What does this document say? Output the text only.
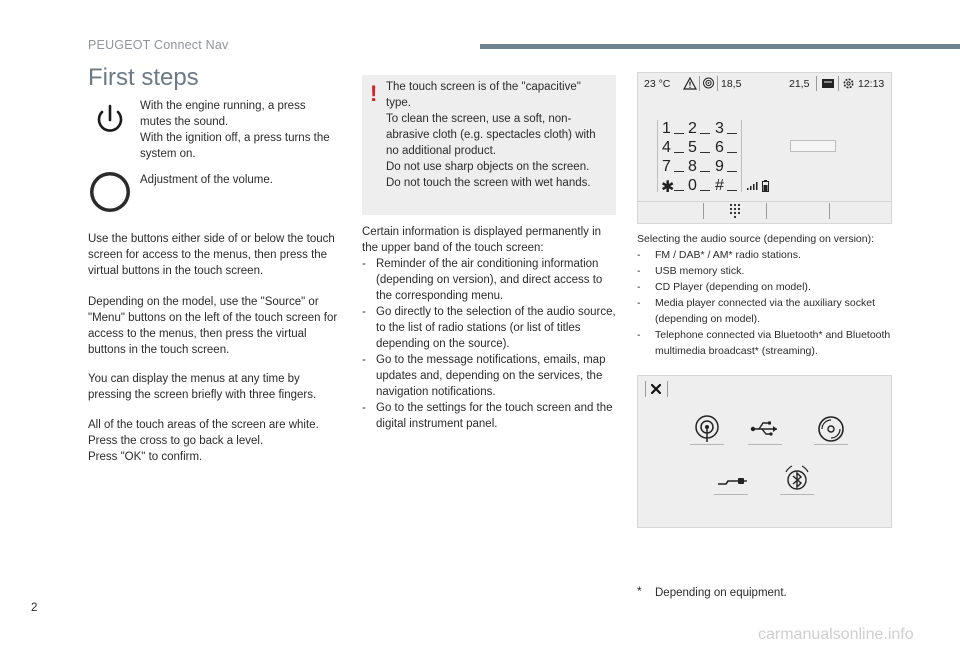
PEUGEOT Connect Nav
First steps
With the engine running, a press mutes the sound.
With the ignition off, a press turns the system on.
Adjustment of the volume.
Use the buttons either side of or below the touch screen for access to the menus, then press the virtual buttons in the touch screen.
Depending on the model, use the "Source" or "Menu" buttons on the left of the touch screen for access to the menus, then press the virtual buttons in the touch screen.
You can display the menus at any time by pressing the screen briefly with three fingers.
All of the touch areas of the screen are white.
Press the cross to go back a level.
Press "OK" to confirm.
! The touch screen is of the "capacitive" type.
To clean the screen, use a soft, non-abrasive cloth (e.g. spectacles cloth) with no additional product.
Do not use sharp objects on the screen.
Do not touch the screen with wet hands.
Certain information is displayed permanently in the upper band of the touch screen:
- Reminder of the air conditioning information (depending on version), and direct access to the corresponding menu.
- Go directly to the selection of the audio source, to the list of radio stations (or list of titles depending on the source).
- Go to the message notifications, emails, map updates and, depending on the services, the navigation notifications.
- Go to the settings for the touch screen and the digital instrument panel.
23 °C	18,5	21,5	12:13
1 2 3
4 5 6
7 8 9
✱ 0 #
Selecting the audio source (depending on version):
- FM / DAB* / AM* radio stations.
- USB memory stick.
- CD Player (depending on model).
- Media player connected via the auxiliary socket (depending on model).
- Telephone connected via Bluetooth* and Bluetooth multimedia broadcast* (streaming).
* Depending on equipment.
2
carmanualsonline.info
